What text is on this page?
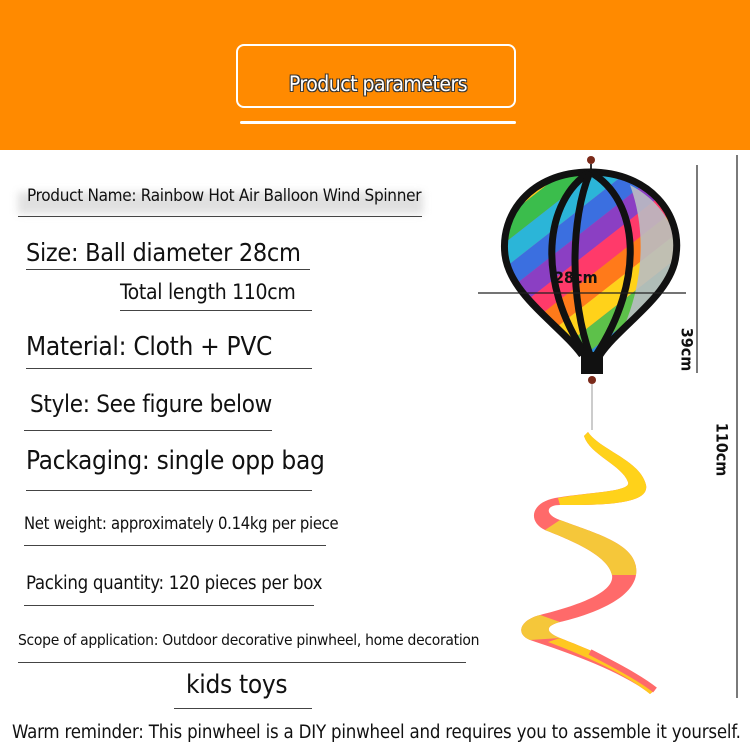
Product parameters
Product Name: Rainbow Hot Air Balloon Wind Spinner
Size: Ball diameter 28cm
Total length 110cm
Material: Cloth + PVC
Style: See figure below
Packaging: single opp bag
Net weight: approximately 0.14kg per piece
Packing quantity: 120 pieces per box
Scope of application: Outdoor decorative pinwheel, home decoration
kids toys
Warm reminder: This pinwheel is a DIY pinwheel and requires you to assemble it yourself.
28cm
39cm
110cm
